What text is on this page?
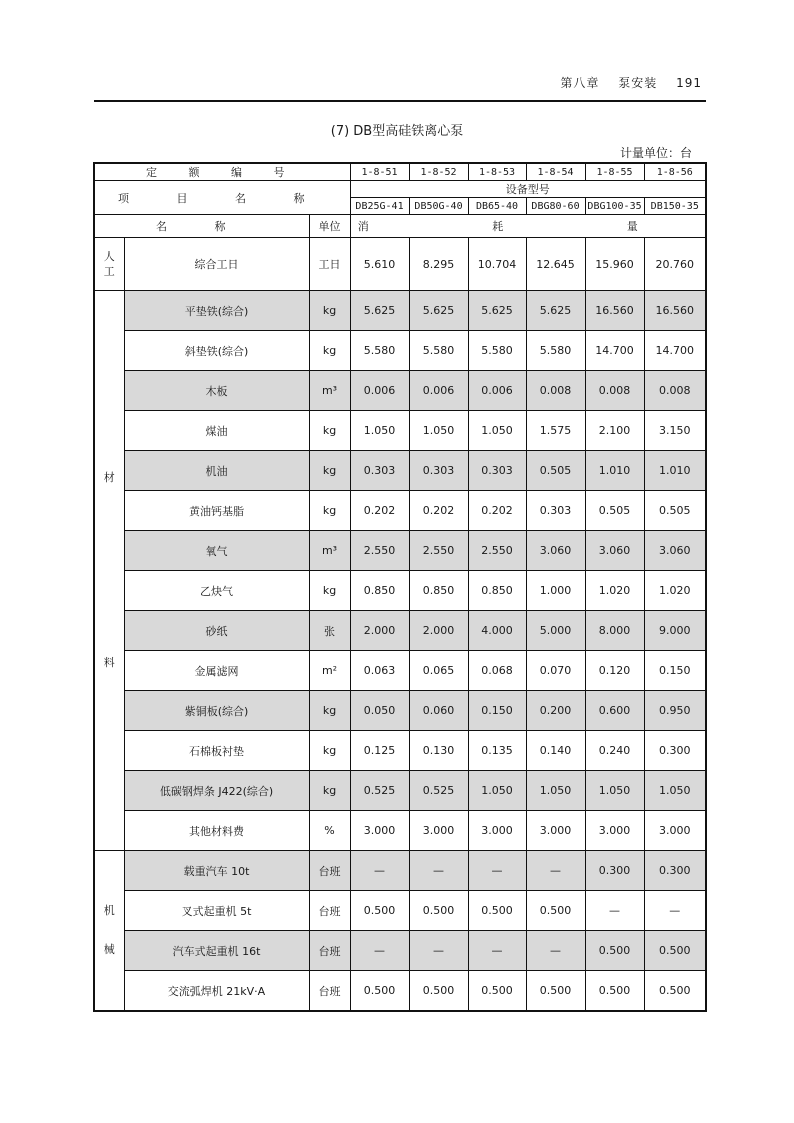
第八章 泵安装 191
(7) DB型高硅铁离心泵
计量单位：台
定 额 编 号			1-8-51	1-8-52	1-8-53	1-8-54	1-8-55	1-8-56
项 目 名 称			设备型号					
			DB25G-41	DB50G-40	DB65-40	DBG80-60	DBG100-35	DB150-35
名 称		单位	消 耗 量					

人工	综合工日	工日	5.610	8.295	10.704	12.645	15.960	20.760

材
料	平垫铁(综合)	kg	5.625	5.625	5.625	5.625	16.560	16.560
	斜垫铁(综合)	kg	5.580	5.580	5.580	5.580	14.700	14.700
	木板	m³	0.006	0.006	0.006	0.008	0.008	0.008
	煤油	kg	1.050	1.050	1.050	1.575	2.100	3.150
	机油	kg	0.303	0.303	0.303	0.505	1.010	1.010
	黄油钙基脂	kg	0.202	0.202	0.202	0.303	0.505	0.505
	氧气	m³	2.550	2.550	2.550	3.060	3.060	3.060
	乙炔气	kg	0.850	0.850	0.850	1.000	1.020	1.020
	砂纸	张	2.000	2.000	4.000	5.000	8.000	9.000
	金属滤网	m²	0.063	0.065	0.068	0.070	0.120	0.150
	紫铜板(综合)	kg	0.050	0.060	0.150	0.200	0.600	0.950
	石棉板衬垫	kg	0.125	0.130	0.135	0.140	0.240	0.300
	低碳钢焊条 J422(综合)	kg	0.525	0.525	1.050	1.050	1.050	1.050
	其他材料费	%	3.000	3.000	3.000	3.000	3.000	3.000

机
械	载重汽车 10t	台班	—	—	—	—	0.300	0.300
	叉式起重机 5t	台班	0.500	0.500	0.500	0.500	—	—
	汽车式起重机 16t	台班	—	—	—	—	0.500	0.500
	交流弧焊机 21kV·A	台班	0.500	0.500	0.500	0.500	0.500	0.500
